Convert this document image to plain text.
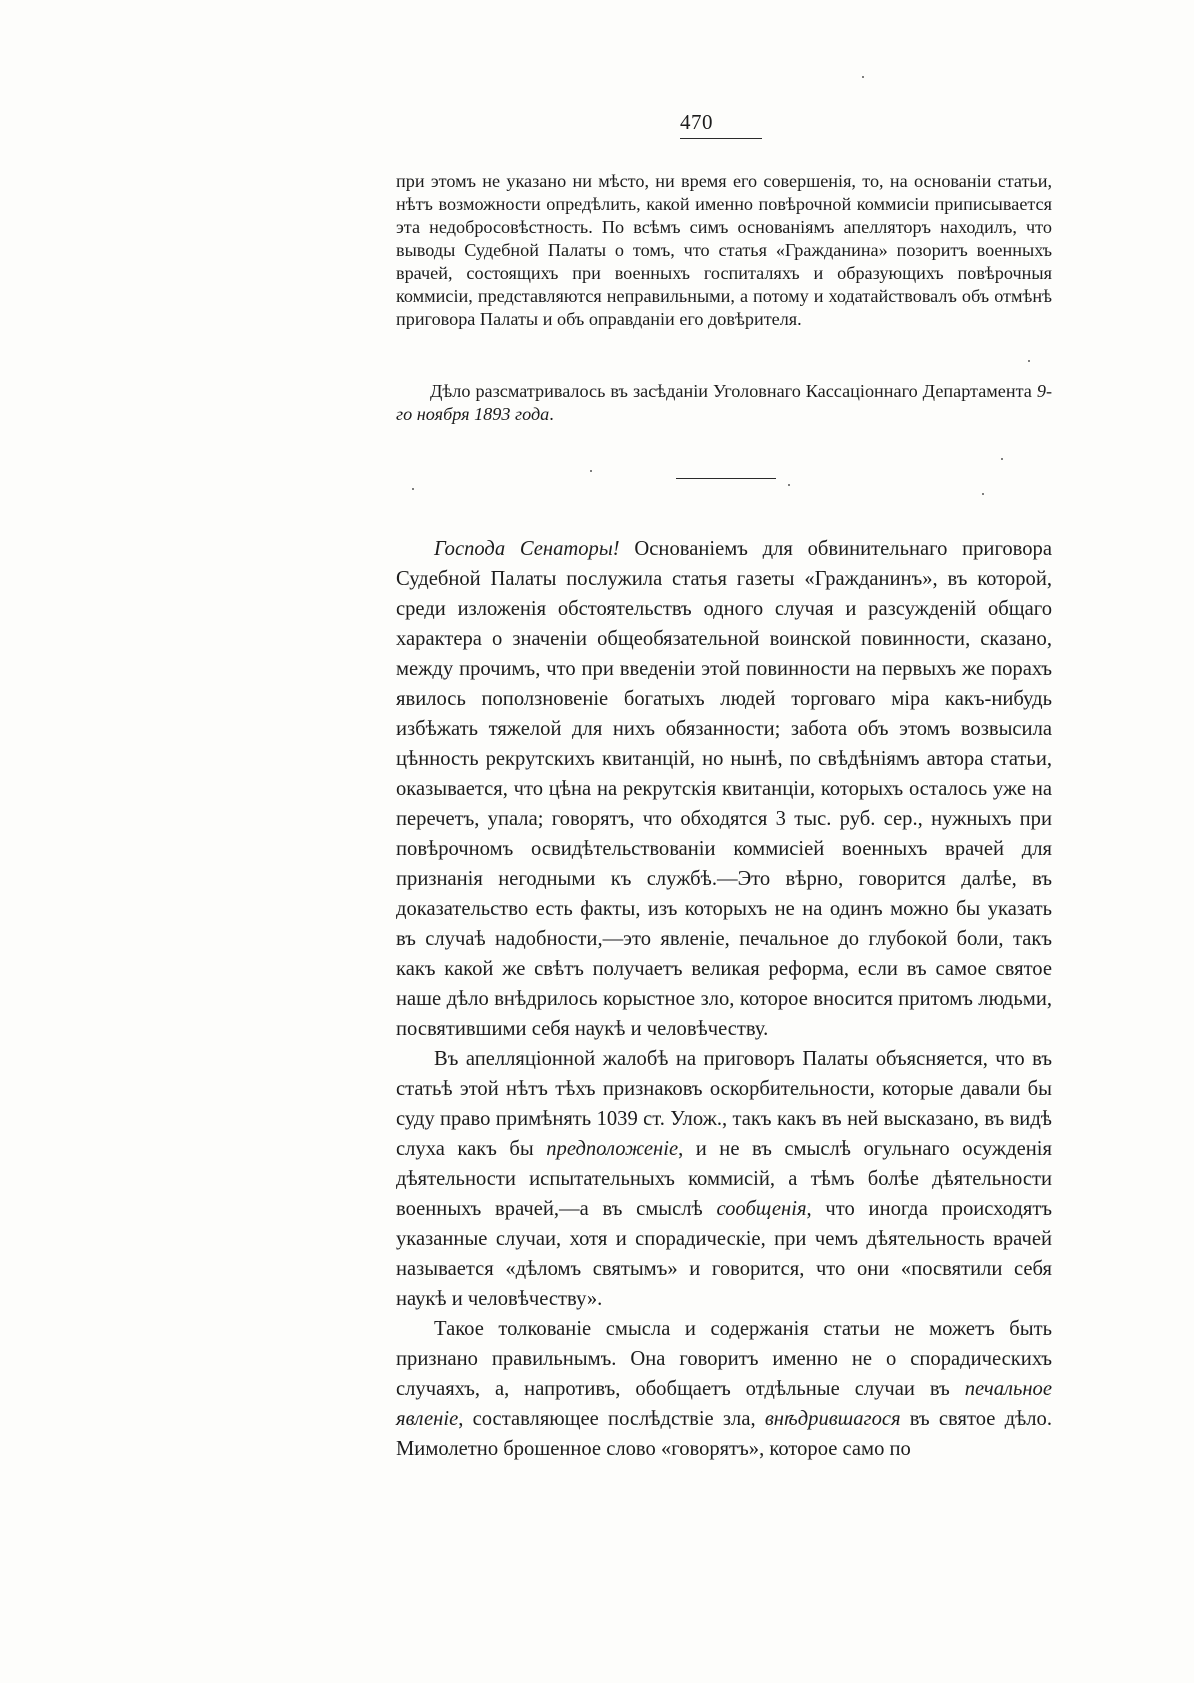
470

при этомъ не указано ни мѣсто, ни время его совершенія, то, на основаніи статьи, нѣтъ возможности опредѣлить, какой именно повѣрочной коммисіи приписывается эта недобросовѣстность. По всѣмъ симъ основаніямъ апелляторъ находилъ, что выводы Судебной Палаты о томъ, что статья «Гражданина» позоритъ военныхъ врачей, состоящихъ при военныхъ госпиталяхъ и образующихъ повѣрочныя коммисіи, представляются неправильными, а потому и ходатайствовалъ объ отмѣнѣ приговора Палаты и объ оправданіи его довѣрителя.

Дѣло разсматривалось въ засѣданіи Уголовнаго Кассаціоннаго Департамента 9-го ноября 1893 года.

Господа Сенаторы! Основаніемъ для обвинительнаго приговора Судебной Палаты послужила статья газеты «Гражданинъ», въ которой, среди изложенія обстоятельствъ одного случая и разсужденій общаго характера о значеніи общеобязательной воинской повинности, сказано, между прочимъ, что при введеніи этой повинности на первыхъ же порахъ явилось поползновеніе богатыхъ людей торговаго міра какъ-нибудь избѣжать тяжелой для нихъ обязанности; забота объ этомъ возвысила цѣнность рекрутскихъ квитанцій, но нынѣ, по свѣдѣніямъ автора статьи, оказывается, что цѣна на рекрутскія квитанціи, которыхъ осталось уже на перечетъ, упала; говорятъ, что обходятся 3 тыс. руб. сер., нужныхъ при повѣрочномъ освидѣтельствованіи коммисіей военныхъ врачей для признанія негодными къ службѣ.—Это вѣрно, говорится далѣе, въ доказательство есть факты, изъ которыхъ не на одинъ можно бы указать въ случаѣ надобности,—это явленіе, печальное до глубокой боли, такъ какъ какой же свѣтъ получаетъ великая реформа, если въ самое святое наше дѣло внѣдрилось корыстное зло, которое вносится притомъ людьми, посвятившими себя наукѣ и человѣчеству.

Въ апелляціонной жалобѣ на приговоръ Палаты объясняется, что въ статьѣ этой нѣтъ тѣхъ признаковъ оскорбительности, которые давали бы суду право примѣнять 1039 ст. Улож., такъ какъ въ ней высказано, въ видѣ слуха какъ бы предположеніе, и не въ смыслѣ огульнаго осужденія дѣятельности испытательныхъ коммисій, а тѣмъ болѣе дѣятельности военныхъ врачей,—а въ смыслѣ сообщенія, что иногда происходятъ указанные случаи, хотя и спорадическіе, при чемъ дѣятельность врачей называется «дѣломъ святымъ» и говорится, что они «посвятили себя наукѣ и человѣчеству».

Такое толкованіе смысла и содержанія статьи не можетъ быть признано правильнымъ. Она говоритъ именно не о спорадическихъ случаяхъ, а, напротивъ, обобщаетъ отдѣльные случаи въ печальное явленіе, составляющее послѣдствіе зла, внѣдрившагося въ святое дѣло. Мимолетно брошенное слово «говорятъ», которое само по
